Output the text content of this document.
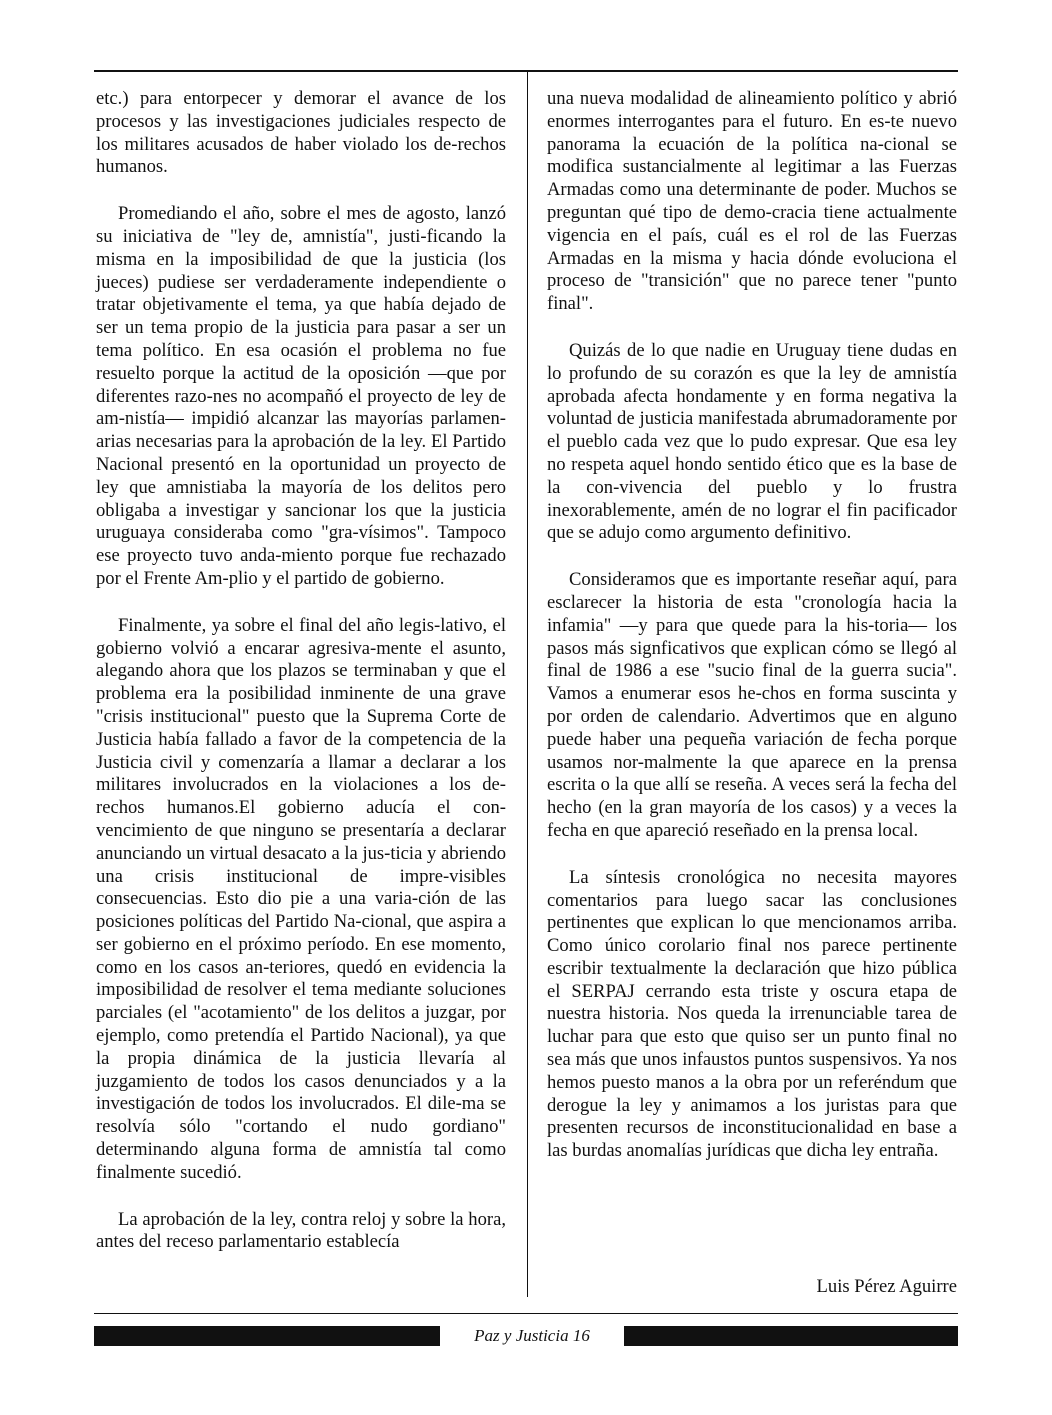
etc.) para entorpecer y demorar el avance de los procesos y las investigaciones judiciales respecto de los militares acusados de haber violado los de-rechos humanos.

Promediando el año, sobre el mes de agosto, lanzó su iniciativa de "ley de, amnistía", justi-ficando la misma en la imposibilidad de que la justicia (los jueces) pudiese ser verdaderamente independiente o tratar objetivamente el tema, ya que había dejado de ser un tema propio de la justicia para pasar a ser un tema político. En esa ocasión el problema no fue resuelto porque la actitud de la oposición —que por diferentes razo-nes no acompañó el proyecto de ley de am-nistía— impidió alcanzar las mayorías parlamen-arias necesarias para la aprobación de la ley. El Partido Nacional presentó en la oportunidad un proyecto de ley que amnistiaba la mayoría de los delitos pero obligaba a investigar y sancionar los que la justicia uruguaya consideraba como "gra-vísimos". Tampoco ese proyecto tuvo anda-miento porque fue rechazado por el Frente Am-plio y el partido de gobierno.

Finalmente, ya sobre el final del año legis-lativo, el gobierno volvió a encarar agresiva-mente el asunto, alegando ahora que los plazos se terminaban y que el problema era la posibilidad inminente de una grave "crisis institucional" puesto que la Suprema Corte de Justicia había fallado a favor de la competencia de la Justicia civil y comenzaría a llamar a declarar a los militares involucrados en la violaciones a los de-rechos humanos.El gobierno aducía el con-vencimiento de que ninguno se presentaría a declarar anunciando un virtual desacato a la jus-ticia y abriendo una crisis institucional de impre-visibles consecuencias. Esto dio pie a una varia-ción de las posiciones políticas del Partido Na-cional, que aspira a ser gobierno en el próximo período. En ese momento, como en los casos an-teriores, quedó en evidencia la imposibilidad de resolver el tema mediante soluciones parciales (el "acotamiento" de los delitos a juzgar, por ejemplo, como pretendía el Partido Nacional), ya que la propia dinámica de la justicia llevaría al juzgamiento de todos los casos denunciados y a la investigación de todos los involucrados. El dile-ma se resolvía sólo "cortando el nudo gordiano" determinando alguna forma de amnistía tal como finalmente sucedió.

La aprobación de la ley, contra reloj y sobre la hora, antes del receso parlamentario establecía

una nueva modalidad de alineamiento político y abrió enormes interrogantes para el futuro. En es-te nuevo panorama la ecuación de la política na-cional se modifica sustancialmente al legitimar a las Fuerzas Armadas como una determinante de poder. Muchos se preguntan qué tipo de demo-cracia tiene actualmente vigencia en el país, cuál es el rol de las Fuerzas Armadas en la misma y hacia dónde evoluciona el proceso de "transición" que no parece tener "punto final".

Quizás de lo que nadie en Uruguay tiene dudas en lo profundo de su corazón es que la ley de amnistía aprobada afecta hondamente y en forma negativa la voluntad de justicia manifestada abrumadoramente por el pueblo cada vez que lo pudo expresar. Que esa ley no respeta aquel hondo sentido ético que es la base de la con-vivencia del pueblo y lo frustra inexorablemente, amén de no lograr el fin pacificador que se adujo como argumento definitivo.

Consideramos que es importante reseñar aquí, para esclarecer la historia de esta "cronología hacia la infamia" —y para que quede para la his-toria— los pasos más signficativos que explican cómo se llegó al final de 1986 a ese "sucio final de la guerra sucia". Vamos a enumerar esos he-chos en forma suscinta y por orden de calendario. Advertimos que en alguno puede haber una pequeña variación de fecha porque usamos nor-malmente la que aparece en la prensa escrita o la que allí se reseña. A veces será la fecha del hecho (en la gran mayoría de los casos) y a veces la fecha en que apareció reseñado en la prensa local.

La síntesis cronológica no necesita mayores comentarios para luego sacar las conclusiones pertinentes que explican lo que mencionamos arriba. Como único corolario final nos parece pertinente escribir textualmente la declaración que hizo pública el SERPAJ cerrando esta triste y oscura etapa de nuestra historia. Nos queda la irrenunciable tarea de luchar para que esto que quiso ser un punto final no sea más que unos infaustos puntos suspensivos. Ya nos hemos puesto manos a la obra por un referéndum que derogue la ley y animamos a los juristas para que presenten recursos de inconstitucionalidad en base a las burdas anomalías jurídicas que dicha ley entraña.

Luis Pérez Aguirre
Paz y Justicia 16
